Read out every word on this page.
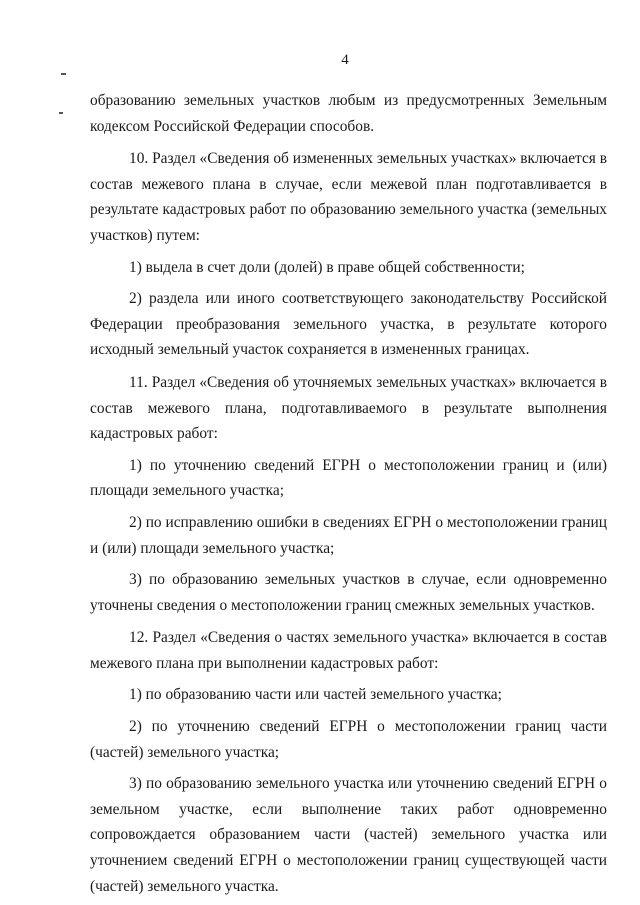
4

образованию земельных участков любым из предусмотренных Земельным кодексом Российской Федерации способов.

10. Раздел «Сведения об измененных земельных участках» включается в состав межевого плана в случае, если межевой план подготавливается в результате кадастровых работ по образованию земельного участка (земельных участков) путем:

1) выдела в счет доли (долей) в праве общей собственности;

2) раздела или иного соответствующего законодательству Российской Федерации преобразования земельного участка, в результате которого исходный земельный участок сохраняется в измененных границах.

11. Раздел «Сведения об уточняемых земельных участках» включается в состав межевого плана, подготавливаемого в результате выполнения кадастровых работ:

1) по уточнению сведений ЕГРН о местоположении границ и (или) площади земельного участка;

2) по исправлению ошибки в сведениях ЕГРН о местоположении границ и (или) площади земельного участка;

3) по образованию земельных участков в случае, если одновременно уточнены сведения о местоположении границ смежных земельных участков.

12. Раздел «Сведения о частях земельного участка» включается в состав межевого плана при выполнении кадастровых работ:

1) по образованию части или частей земельного участка;

2) по уточнению сведений ЕГРН о местоположении границ части (частей) земельного участка;

3) по образованию земельного участка или уточнению сведений ЕГРН о земельном участке, если выполнение таких работ одновременно сопровождается образованием части (частей) земельного участка или уточнением сведений ЕГРН о местоположении границ существующей части (частей) земельного участка.
